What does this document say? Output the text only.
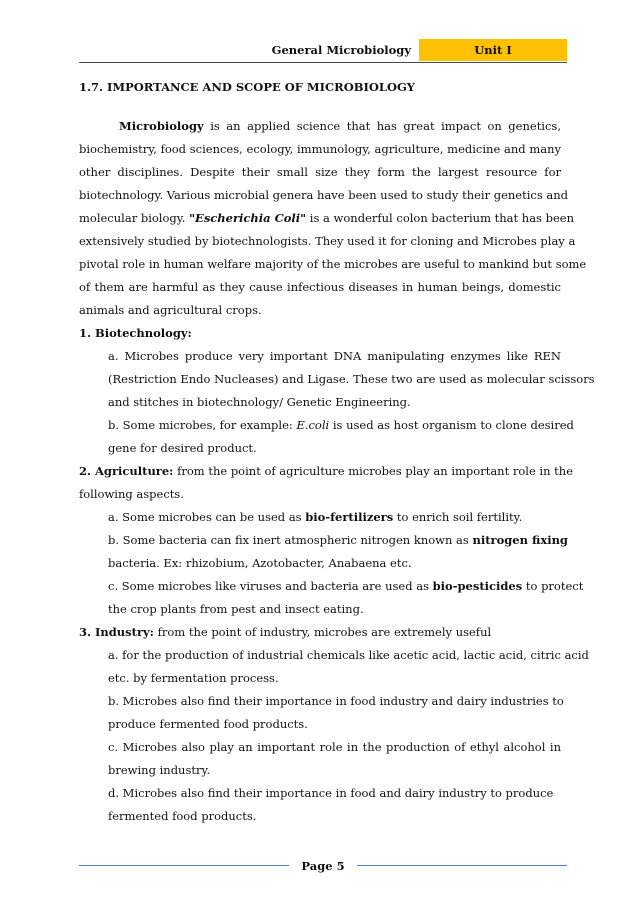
General Microbiology	Unit I
1.7. IMPORTANCE AND SCOPE OF MICROBIOLOGY
Microbiology is an applied science that has great impact on genetics,
biochemistry, food sciences, ecology, immunology, agriculture, medicine and many
other disciplines. Despite their small size they form the largest resource for
biotechnology. Various microbial genera have been used to study their genetics and
molecular biology. "Escherichia Coli" is a wonderful colon bacterium that has been
extensively studied by biotechnologists. They used it for cloning and Microbes play a
pivotal role in human welfare majority of the microbes are useful to mankind but some
of them are harmful as they cause infectious diseases in human beings, domestic
animals and agricultural crops.
1. Biotechnology:
a. Microbes produce very important DNA manipulating enzymes like REN
(Restriction Endo Nucleases) and Ligase. These two are used as molecular scissors
and stitches in biotechnology/ Genetic Engineering.
b. Some microbes, for example: E.coli is used as host organism to clone desired
gene for desired product.
2. Agriculture: from the point of agriculture microbes play an important role in the
following aspects.
a. Some microbes can be used as bio-fertilizers to enrich soil fertility.
b. Some bacteria can fix inert atmospheric nitrogen known as nitrogen fixing
bacteria. Ex: rhizobium, Azotobacter, Anabaena etc.
c. Some microbes like viruses and bacteria are used as bio-pesticides to protect
the crop plants from pest and insect eating.
3. Industry: from the point of industry, microbes are extremely useful
a. for the production of industrial chemicals like acetic acid, lactic acid, citric acid
etc. by fermentation process.
b. Microbes also find their importance in food industry and dairy industries to
produce fermented food products.
c. Microbes also play an important role in the production of ethyl alcohol in
brewing industry.
d. Microbes also find their importance in food and dairy industry to produce
fermented food products.
Page 5
